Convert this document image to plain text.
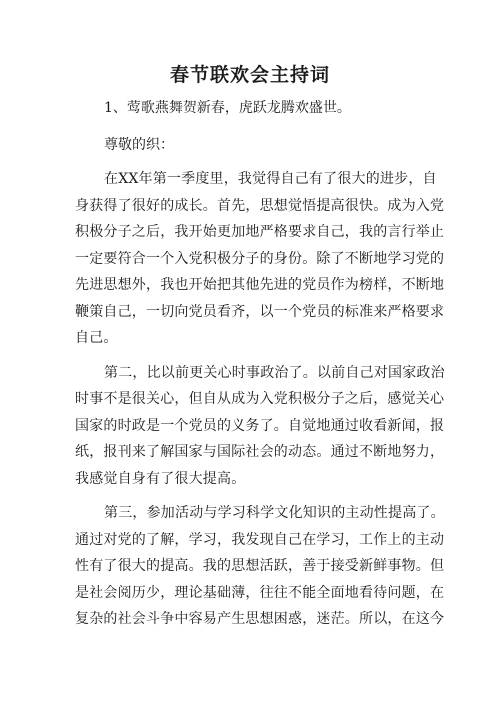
春节联欢会主持词

1、莺歌燕舞贺新春，虎跃龙腾欢盛世。

尊敬的织：

在XX年第一季度里，我觉得自己有了很大的进步，自
身获得了很好的成长。首先，思想觉悟提高很快。成为入党
积极分子之后，我开始更加地严格要求自己，我的言行举止
一定要符合一个入党积极分子的身份。除了不断地学习党的
先进思想外，我也开始把其他先进的党员作为榜样，不断地
鞭策自己，一切向党员看齐，以一个党员的标准来严格要求
自己。

第二，比以前更关心时事政治了。以前自己对国家政治
时事不是很关心，但自从成为入党积极分子之后，感觉关心
国家的时政是一个党员的义务了。自觉地通过收看新闻，报
纸，报刊来了解国家与国际社会的动态。通过不断地努力，
我感觉自身有了很大提高。

第三，参加活动与学习科学文化知识的主动性提高了。
通过对党的了解，学习，我发现自己在学习，工作上的主动
性有了很大的提高。我的思想活跃，善于接受新鲜事物。但
是社会阅历少，理论基础薄，往往不能全面地看待问题，在
复杂的社会斗争中容易产生思想困惑，迷茫。所以，在这今
